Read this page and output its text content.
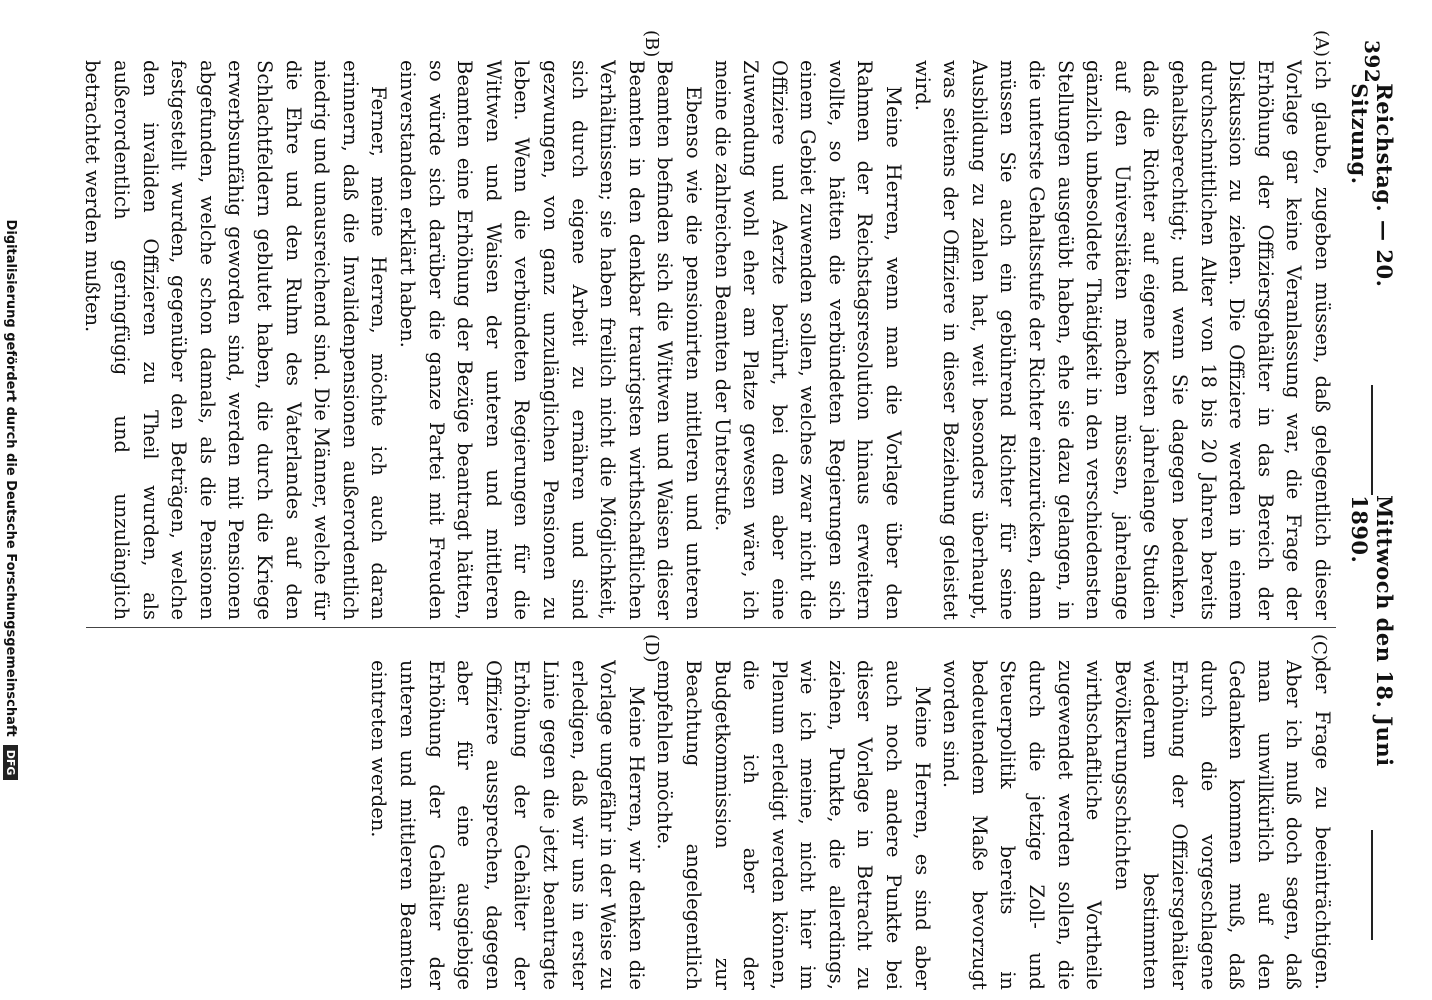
392
Reichstag. — 20. Sitzung.
Mittwoch den 18. Juni 1890.
(A)
(B)
(C)
(D)

ich glaube, zugeben müssen, daß gelegentlich dieser Vorlage gar keine Veranlassung war, die Frage der Erhöhung der Offiziersgehälter in das Bereich der Diskussion zu ziehen. Die Offiziere werden in einem durchschnittlichen Alter von 18 bis 20 Jahren bereits gehaltsberechtigt; und wenn Sie dagegen bedenken, daß die Richter auf eigene Kosten jahrelange Studien auf den Universitäten machen müssen, jahrelange gänzlich unbesoldete Thätigkeit in den verschiedensten Stellungen ausgeübt haben, ehe sie dazu gelangen, in die unterste Gehaltsstufe der Richter einzurücken, dann müssen Sie auch ein gebührend Richter für seine Ausbildung zu zahlen hat, weit besonders überhaupt, was seitens der Offiziere in dieser Beziehung geleistet wird.

Meine Herren, wenn man die Vorlage über den Rahmen der Reichstagsresolution hinaus erweitern wollte, so hätten die verbündeten Regierungen sich einem Gebiet zuwenden sollen, welches zwar nicht die Offiziere und Aerzte berührt, bei dem aber eine Zuwendung wohl eher am Platze gewesen wäre, ich meine die zahlreichen Beamten der Unterstufe.

Ebenso wie die pensionirten mittleren und unteren Beamten befinden sich die Wittwen und Waisen dieser Beamten in den denkbar traurigsten wirthschaftlichen Verhältnissen; sie haben freilich nicht die Möglichkeit, sich durch eigene Arbeit zu ernähren und sind gezwungen, von ganz unzulänglichen Pensionen zu leben. Wenn die verbündeten Regierungen für die Wittwen und Waisen der unteren und mittleren Beamten eine Erhöhung der Bezüge beantragt hätten, so würde sich darüber die ganze Partei mit Freuden einverstanden erklärt haben.

Ferner, meine Herren, möchte ich auch daran erinnern, daß die Invalidenpensionen außerordentlich niedrig und unausreichend sind. Die Männer, welche für die Ehre und den Ruhm des Vaterlandes auf den Schlachtfeldern geblutet haben, die durch die Kriege erwerbsunfähig geworden sind, werden mit Pensionen abgefunden, welche schon damals, als die Pensionen festgestellt wurden, gegenüber den Beträgen, welche den invaliden Offizieren zu Theil wurden, als außerordentlich geringfügig und unzulänglich betrachtet werden mußten.

der Frage zu beeinträchtigen. Aber ich muß doch sagen, daß man unwillkürlich auf den Gedanken kommen muß, daß durch die vorgeschlagene Erhöhung der Offiziersgehälter wiederum bestimmten Bevölkerungsschichten wirthschaftliche Vortheile zugewendet werden sollen, die durch die jetzige Zoll- und Steuerpolitik bereits in bedeutendem Maße bevorzugt worden sind.

Meine Herren, es sind aber auch noch andere Punkte bei dieser Vorlage in Betracht zu ziehen, Punkte, die allerdings, wie ich meine, nicht hier im Plenum erledigt werden können, die ich aber der Budgetkommission zur Beachtung angelegentlich empfehlen möchte.

Meine Herren, wir denken die Vorlage ungefähr in der Weise zu erledigen, daß wir uns in erster Linie gegen die jetzt beantragte Erhöhung der Gehälter der Offiziere aussprechen, dagegen aber für eine ausgiebige Erhöhung der Gehälter der unteren und mittleren Beamten eintreten werden.

Digitalisierung gefördert durch die Deutsche Forschungsgemeinschaft
DFG
